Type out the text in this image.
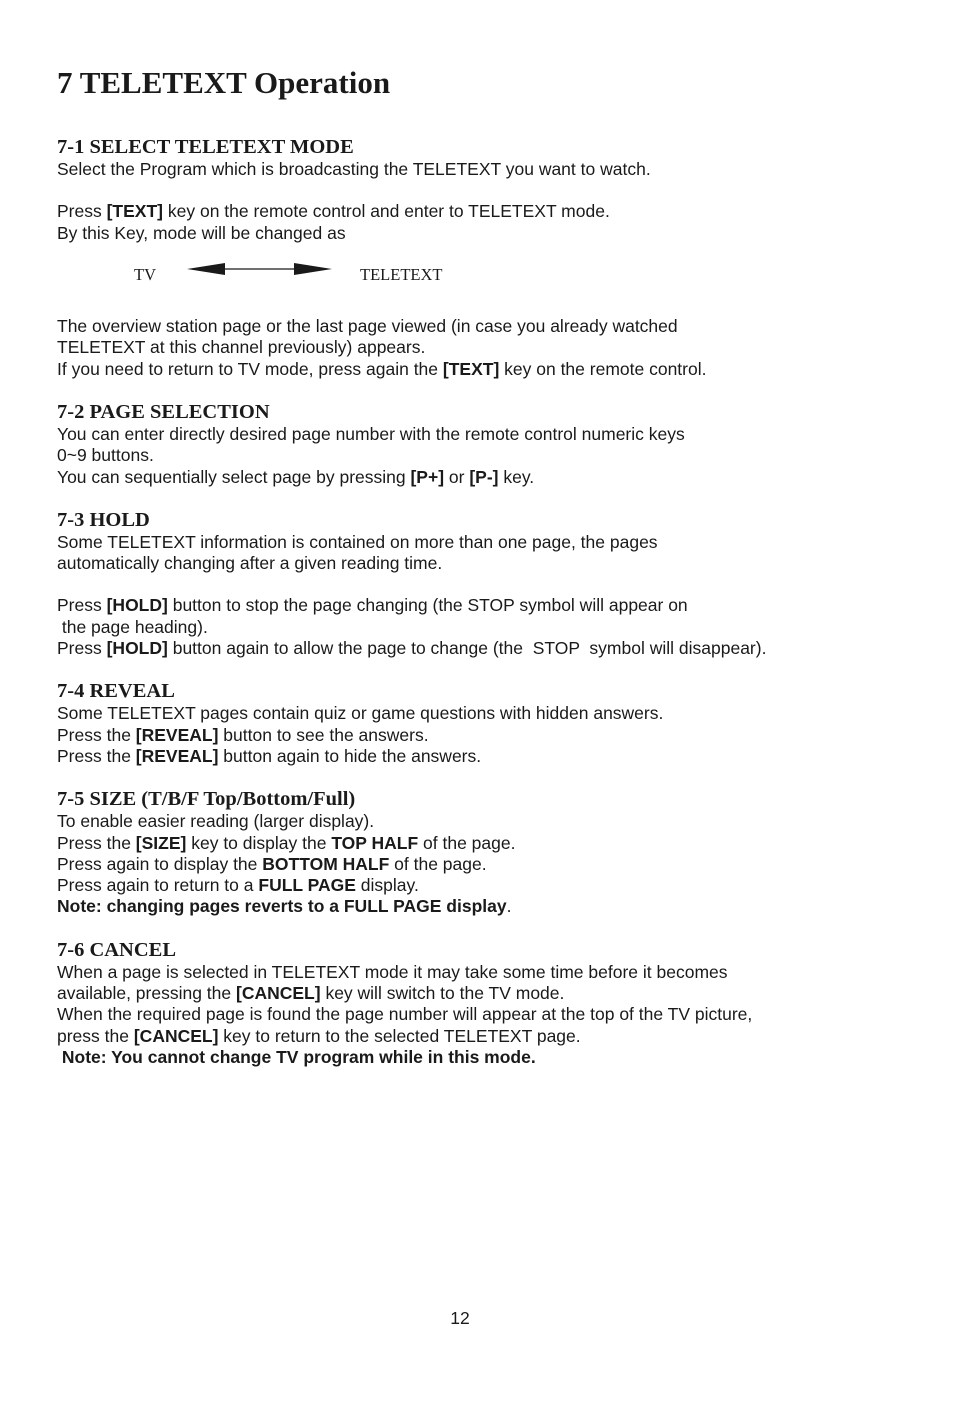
7 TELETEXT Operation
7-1 SELECT TELETEXT MODE

Select the Program which is broadcasting the TELETEXT you want to watch.

Press [TEXT] key on the remote control and enter to TELETEXT mode.

By this Key, mode will be changed as

TV	TELETEXT

The overview station page or the last page viewed (in case you already watched

TELETEXT at this channel previously) appears.

If you need to return to TV mode, press again the [TEXT] key on the remote control.

7-2 PAGE SELECTION

You can enter directly desired page number with the remote control numeric keys

0~9 buttons.

You can sequentially select page by pressing [P+] or [P-] key.

7-3 HOLD

Some TELETEXT information is contained on more than one page, the pages

automatically changing after a given reading time.

Press [HOLD] button to stop the page changing (the STOP symbol will appear on

the page heading).

Press [HOLD] button again to allow the page to change (the  STOP  symbol will disappear).

7-4 REVEAL

Some TELETEXT pages contain quiz or game questions with hidden answers.

Press the [REVEAL] button to see the answers.

Press the [REVEAL] button again to hide the answers.

7-5 SIZE (T/B/F Top/Bottom/Full)

To enable easier reading (larger display).

Press the [SIZE] key to display the TOP HALF of the page.

Press again to display the BOTTOM HALF of the page.

Press again to return to a FULL PAGE display.

Note: changing pages reverts to a FULL PAGE display.

7-6 CANCEL

When a page is selected in TELETEXT mode it may take some time before it becomes

available, pressing the [CANCEL] key will switch to the TV mode.

When the required page is found the page number will appear at the top of the TV picture,

press the [CANCEL] key to return to the selected TELETEXT page.

Note: You cannot change TV program while in this mode.

12
